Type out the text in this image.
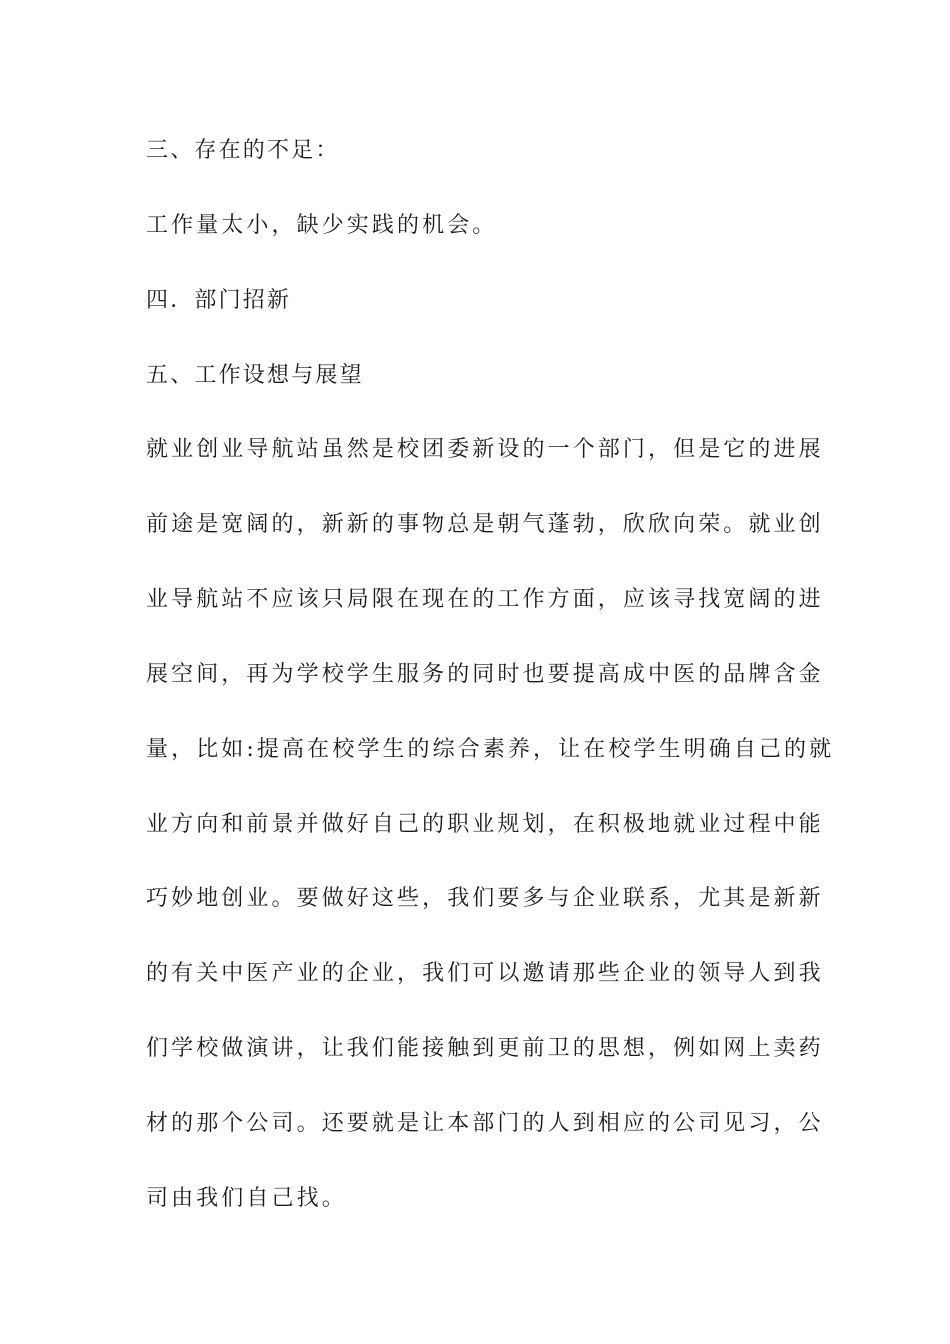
三、存在的不足：
工作量太小，缺少实践的机会。
四．部门招新
五、工作设想与展望
就业创业导航站虽然是校团委新设的一个部门，但是它的进展
前途是宽阔的，新新的事物总是朝气蓬勃，欣欣向荣。就业创
业导航站不应该只局限在现在的工作方面，应该寻找宽阔的进
展空间，再为学校学生服务的同时也要提高成中医的品牌含金
量，比如:提高在校学生的综合素养，让在校学生明确自己的就
业方向和前景并做好自己的职业规划，在积极地就业过程中能
巧妙地创业。要做好这些，我们要多与企业联系，尤其是新新
的有关中医产业的企业，我们可以邀请那些企业的领导人到我
们学校做演讲，让我们能接触到更前卫的思想，例如网上卖药
材的那个公司。还要就是让本部门的人到相应的公司见习，公
司由我们自己找。
